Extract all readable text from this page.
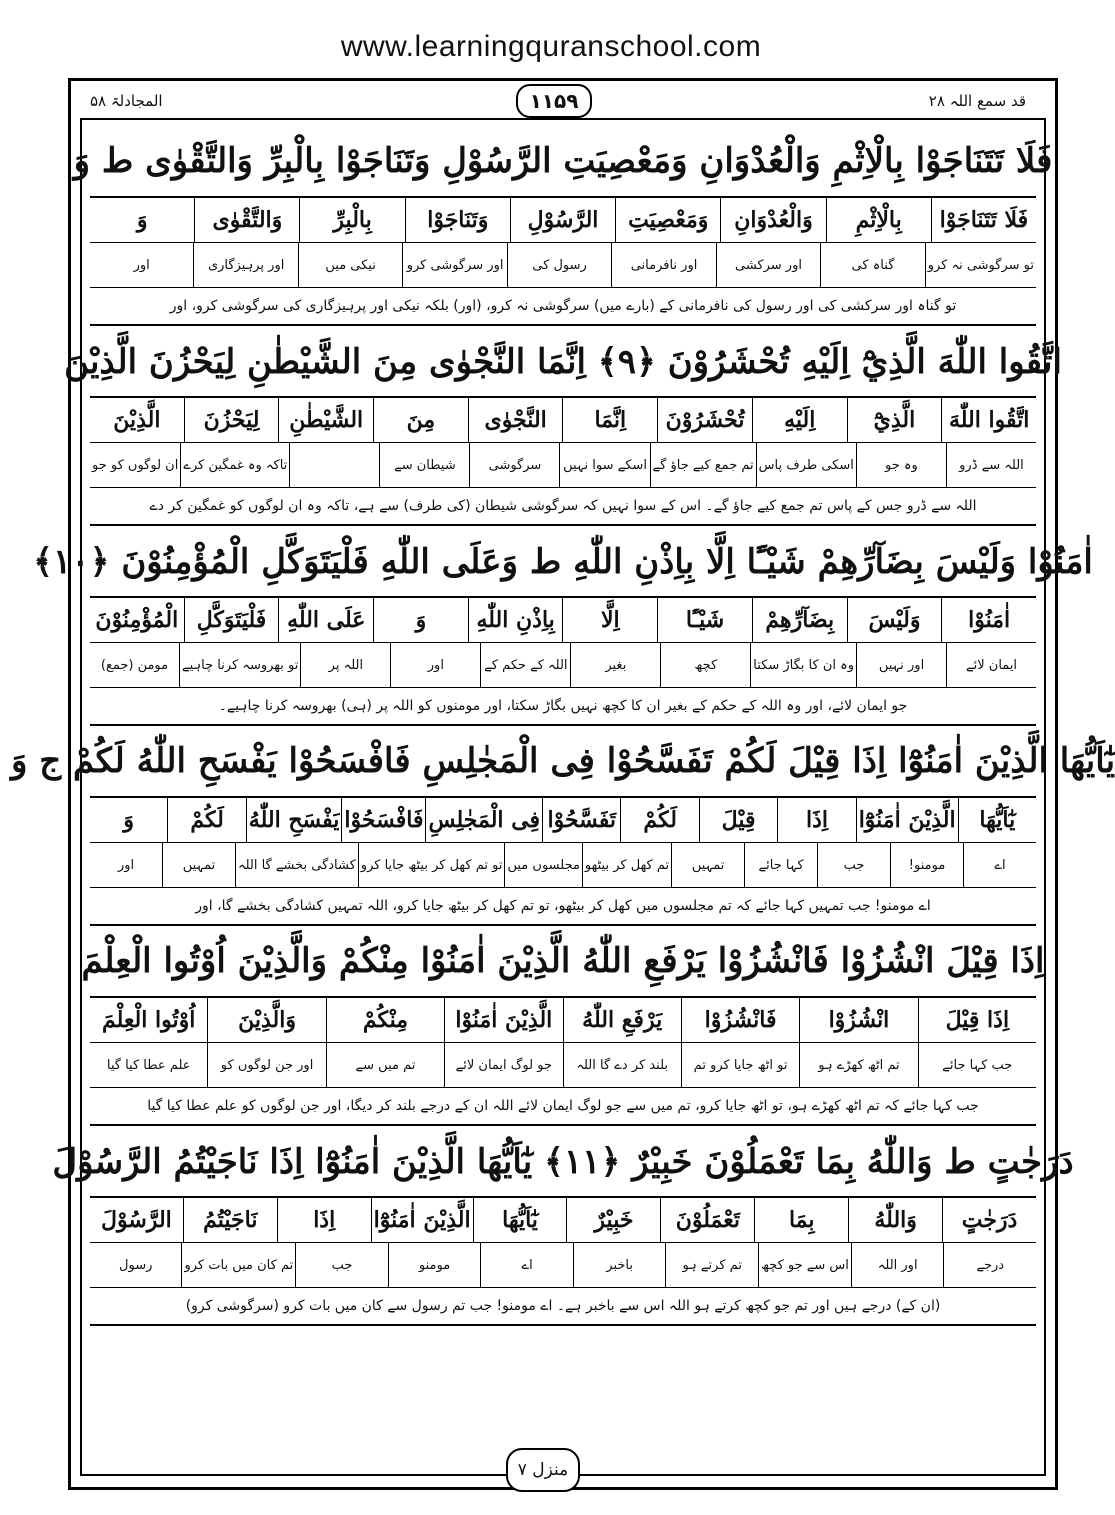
www.learningquranschool.com
المجادلۃ ۵۸	۱۱۵۹	قد سمع اللہ ۲۸
فَلَا تَتَنَاجَوْا بِالْاِثْمِ وَالْعُدْوَانِ وَمَعْصِيَتِ الرَّسُوْلِ وَتَنَاجَوْا بِالْبِرِّ وَالتَّقْوٰى ط وَ
فَلَا تَتَنَاجَوْا
بِالْاِثْمِ
وَالْعُدْوَانِ
وَمَعْصِيَتِ
الرَّسُوْلِ
وَتَنَاجَوْا
بِالْبِرِّ
وَالتَّقْوٰى
وَ
تو سرگوشی نہ کرو
گناہ کی
اور سرکشی
اور نافرمانی
رسول کی
اور سرگوشی کرو
نیکی میں
اور پرہیزگاری
اور
تو گناہ اور سرکشی کی اور رسول کی نافرمانی کے (بارے میں) سرگوشی نہ کرو، (اور) بلکہ نیکی اور پرہیزگاری کی سرگوشی کرو، اور
اتَّقُوا اللّٰهَ الَّذِيْٓ اِلَيْهِ تُحْشَرُوْنَ ﴿۹﴾ اِنَّمَا النَّجْوٰى مِنَ الشَّيْطٰنِ لِيَحْزُنَ الَّذِيْنَ
اتَّقُوا اللّٰهَ
الَّذِيْٓ
اِلَيْهِ
تُحْشَرُوْنَ
اِنَّمَا
النَّجْوٰى
مِنَ
الشَّيْطٰنِ
لِيَحْزُنَ
الَّذِيْنَ
اللہ سے ڈرو
وہ جو
اسکی طرف پاس
تم جمع کیے جاؤ گے
اسکے سوا نہیں
سرگوشی
شیطان سے
تاکہ وہ غمگین کرے
ان لوگوں کو جو
اللہ سے ڈرو جس کے پاس تم جمع کیے جاؤ گے۔ اس کے سوا نہیں کہ سرگوشی شیطان (کی طرف) سے ہے، تاکہ وہ ان لوگوں کو غمگین کر دے
اٰمَنُوْا وَلَيْسَ بِضَآرِّهِمْ شَيْـًٔا اِلَّا بِاِذْنِ اللّٰهِ ط وَعَلَى اللّٰهِ فَلْيَتَوَكَّلِ الْمُؤْمِنُوْنَ ﴿۱۰﴾
اٰمَنُوْا
وَلَيْسَ
بِضَآرِّهِمْ
شَيْـًٔا
اِلَّا
بِاِذْنِ اللّٰهِ
وَ
عَلَى اللّٰهِ
فَلْيَتَوَكَّلِ
الْمُؤْمِنُوْنَ
ایمان لائے
اور نہیں
وہ ان کا بگاڑ سکتا
کچھ
بغیر
اللہ کے حکم کے
اور
اللہ پر
تو بھروسہ کرنا چاہیے
مومن (جمع)
جو ایمان لائے، اور وہ اللہ کے حکم کے بغیر ان کا کچھ نہیں بگاڑ سکتا، اور مومنوں کو اللہ پر (ہی) بھروسہ کرنا چاہیے۔
يٰٓاَيُّهَا الَّذِيْنَ اٰمَنُوْٓا اِذَا قِيْلَ لَكُمْ تَفَسَّحُوْا فِى الْمَجٰلِسِ فَافْسَحُوْا يَفْسَحِ اللّٰهُ لَكُمْ ج وَ
يٰٓاَيُّهَا
الَّذِيْنَ اٰمَنُوْٓا
اِذَا
قِيْلَ
لَكُمْ
تَفَسَّحُوْا
فِى الْمَجٰلِسِ
فَافْسَحُوْا
يَفْسَحِ اللّٰهُ
لَكُمْ
وَ
اے
مومنو!
جب
کہا جائے
تمہیں
تم کھل کر بیٹھو
مجلسوں میں
تو تم کھل کر بیٹھ جایا کرو
کشادگی بخشے گا اللہ
تمہیں
اور
اے مومنو! جب تمہیں کہا جائے کہ تم مجلسوں میں کھل کر بیٹھو، تو تم کھل کر بیٹھ جایا کرو، اللہ تمہیں کشادگی بخشے گا، اور
اِذَا قِيْلَ انْشُزُوْا فَانْشُزُوْا يَرْفَعِ اللّٰهُ الَّذِيْنَ اٰمَنُوْا مِنْكُمْ وَالَّذِيْنَ اُوْتُوا الْعِلْمَ
اِذَا قِيْلَ
انْشُزُوْا
فَانْشُزُوْا
يَرْفَعِ اللّٰهُ
الَّذِيْنَ اٰمَنُوْا
مِنْكُمْ
وَالَّذِيْنَ
اُوْتُوا الْعِلْمَ
جب کہا جائے
تم اٹھ کھڑے ہو
تو اٹھ جایا کرو تم
بلند کر دے گا اللہ
جو لوگ ایمان لائے
تم میں سے
اور جن لوگوں کو
علم عطا کیا گیا
جب کہا جائے کہ تم اٹھ کھڑے ہو، تو اٹھ جایا کرو، تم میں سے جو لوگ ایمان لائے اللہ ان کے درجے بلند کر دیگا، اور جن لوگوں کو علم عطا کیا گیا
دَرَجٰتٍ ط وَاللّٰهُ بِمَا تَعْمَلُوْنَ خَبِيْرٌ ﴿۱۱﴾ يٰٓاَيُّهَا الَّذِيْنَ اٰمَنُوْٓا اِذَا نَاجَيْتُمُ الرَّسُوْلَ
دَرَجٰتٍ
وَاللّٰهُ
بِمَا
تَعْمَلُوْنَ
خَبِيْرٌ
يٰٓاَيُّهَا
الَّذِيْنَ اٰمَنُوْٓا
اِذَا
نَاجَيْتُمُ
الرَّسُوْلَ
درجے
اور اللہ
اس سے جو کچھ
تم کرتے ہو
باخبر
اے
مومنو
جب
تم کان میں بات کرو
رسول
(ان کے) درجے ہیں اور تم جو کچھ کرتے ہو اللہ اس سے باخبر ہے۔ اے مومنو! جب تم رسول سے کان میں بات کرو (سرگوشی کرو)
منزل ۷
